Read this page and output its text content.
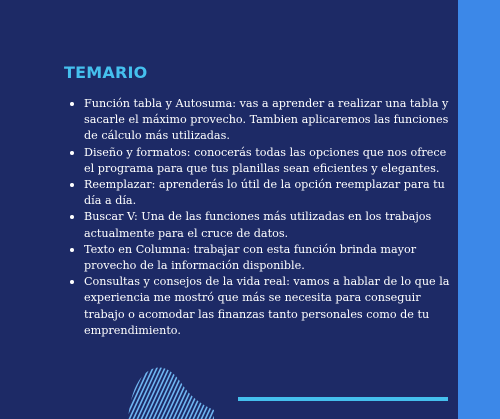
TEMARIO
Función tabla y Autosuma: vas a aprender a realizar una tabla y sacarle el máximo provecho. Tambien aplicaremos las funciones de cálculo más utilizadas.
Diseño y formatos: conocerás todas las opciones que nos ofrece el programa para que tus planillas sean eficientes y elegantes.
Reemplazar: aprenderás lo útil de la opción reemplazar para tu día a día.
Buscar V: Una de las funciones más utilizadas en los trabajos actualmente para el cruce de datos.
Texto en Columna: trabajar con esta función brinda mayor provecho de la información disponible.
Consultas y consejos de la vida real: vamos a hablar de lo que la experiencia me mostró que más se necesita para conseguir trabajo o acomodar las finanzas tanto personales como de tu emprendimiento.
